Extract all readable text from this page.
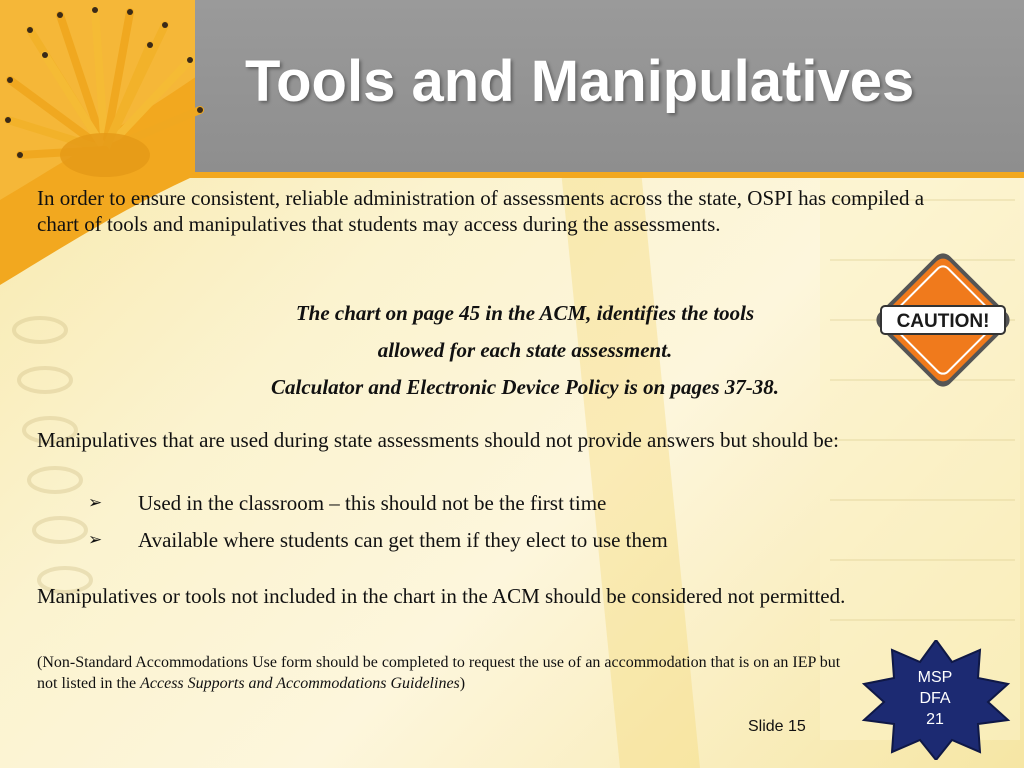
Tools and Manipulatives

In order to ensure consistent, reliable administration of assessments across the state, OSPI has compiled a chart of tools and manipulatives that students may access during the assessments.

The chart on page 45 in the ACM, identifies the tools
allowed for each state assessment.
Calculator and Electronic Device Policy is on pages 37-38.
CAUTION!

Manipulatives that are used during state assessments should not provide answers but should be:

➢	Used in the classroom – this should not be the first time
➢	Available where students can get them if they elect to use them

Manipulatives or tools not included in the chart in the ACM should be considered not permitted.

(Non-Standard Accommodations Use form should be completed to request the use of an accommodation that is on an IEP but not listed in the Access Supports and Accommodations Guidelines)

Slide 15

MSP
DFA
21
